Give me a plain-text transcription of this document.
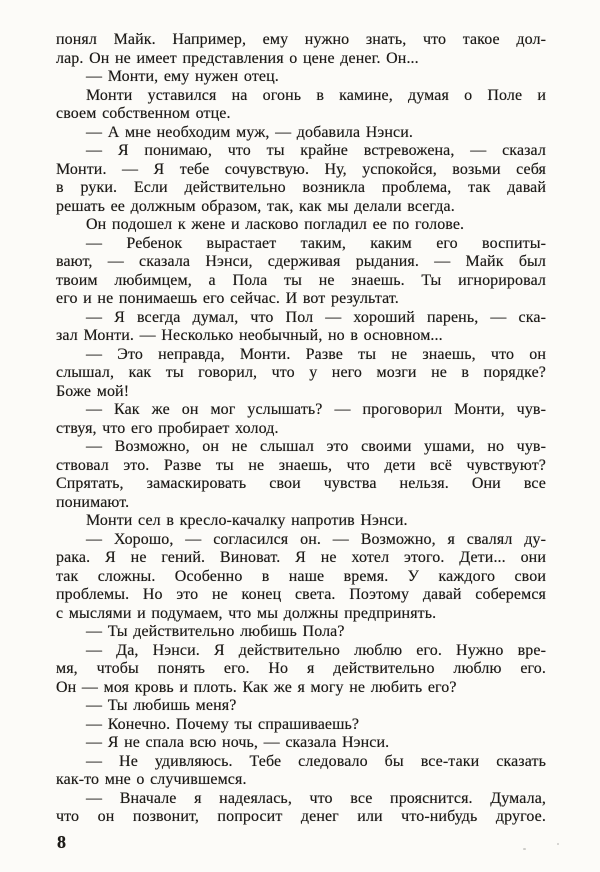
понял Майк. Например, ему нужно знать, что такое дол-
лар. Он не имеет представления о цене денег. Он...
— Монти, ему нужен отец.
Монти уставился на огонь в камине, думая о Поле и
своем собственном отце.
— А мне необходим муж, — добавила Нэнси.
— Я понимаю, что ты крайне встревожена, — сказал
Монти. — Я тебе сочувствую. Ну, успокойся, возьми себя
в руки. Если действительно возникла проблема, так давай
решать ее должным образом, так, как мы делали всегда.
Он подошел к жене и ласково погладил ее по голове.
— Ребенок вырастает таким, каким его воспиты-
вают, — сказала Нэнси, сдерживая рыдания. — Майк был
твоим любимцем, а Пола ты не знаешь. Ты игнорировал
его и не понимаешь его сейчас. И вот результат.
— Я всегда думал, что Пол — хороший парень, — ска-
зал Монти. — Несколько необычный, но в основном...
— Это неправда, Монти. Разве ты не знаешь, что он
слышал, как ты говорил, что у него мозги не в порядке?
Боже мой!
— Как же он мог услышать? — проговорил Монти, чув-
ствуя, что его пробирает холод.
— Возможно, он не слышал это своими ушами, но чув-
ствовал это. Разве ты не знаешь, что дети всё чувствуют?
Спрятать, замаскировать свои чувства нельзя. Они все
понимают.
Монти сел в кресло-качалку напротив Нэнси.
— Хорошо, — согласился он. — Возможно, я свалял ду-
рака. Я не гений. Виноват. Я не хотел этого. Дети... они
так сложны. Особенно в наше время. У каждого свои
проблемы. Но это не конец света. Поэтому давай соберемся
с мыслями и подумаем, что мы должны предпринять.
— Ты действительно любишь Пола?
— Да, Нэнси. Я действительно люблю его. Нужно вре-
мя, чтобы понять его. Но я действительно люблю его.
Он — моя кровь и плоть. Как же я могу не любить его?
— Ты любишь меня?
— Конечно. Почему ты спрашиваешь?
— Я не спала всю ночь, — сказала Нэнси.
— Не удивляюсь. Тебе следовало бы все-таки сказать
как-то мне о случившемся.
— Вначале я надеялась, что все прояснится. Думала,
что он позвонит, попросит денег или что-нибудь другое.
8
